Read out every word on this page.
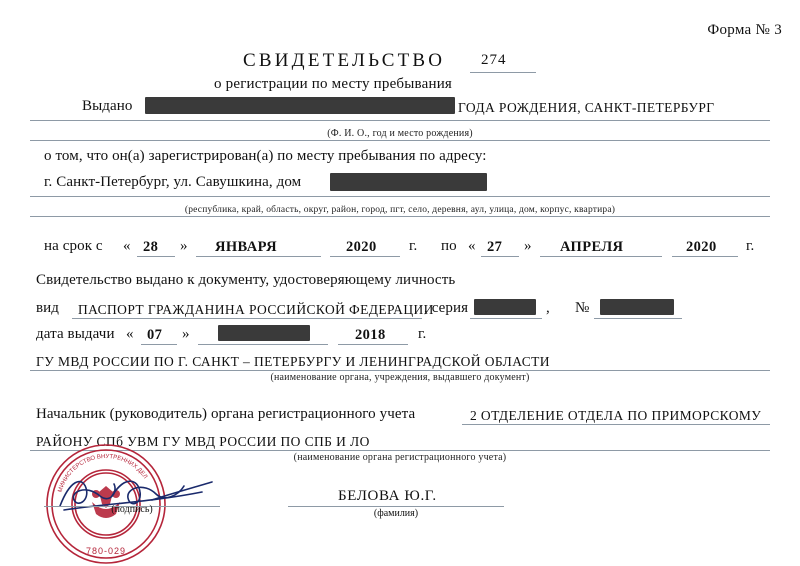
Форма № 3
СВИДЕТЕЛЬСТВО 274
о регистрации по месту пребывания
Выдано	ГОДА РОЖДЕНИЯ, САНКТ-ПЕТЕРБУРГ
(Ф. И. О., год и место рождения)
о том, что он(а) зарегистрирован(а) по месту пребывания по адресу:
г. Санкт-Петербург, ул. Савушкина, дом
(республика, край, область, округ, район, город, пгт, село, деревня, аул, улица, дом, корпус, квартира)
на срок с « 28 » ЯНВАРЯ	2020 г. по « 27 » АПРЕЛЯ	2020 г.
Свидетельство выдано к документу, удостоверяющему личность
вид ПАСПОРТ ГРАЖДАНИНА РОССИЙСКОЙ ФЕДЕРАЦИИ
, серия	, №
дата выдачи « 07 »	2018 г.
ГУ МВД РОССИИ ПО Г. САНКТ – ПЕТЕРБУРГУ И ЛЕНИНГРАДСКОЙ ОБЛАСТИ
(наименование органа, учреждения, выдавшего документ)
Начальник (руководитель) органа регистрационного учета	2 ОТДЕЛЕНИЕ ОТДЕЛА ПО ПРИМОРСКОМУ
РАЙОНУ СПб УВМ ГУ МВД РОССИИ ПО СПБ И ЛО
(наименование органа регистрационного учета)
МИНИСТЕРСТВО ВНУТРЕННИХ ДЕЛ
780-029
(подпись)
БЕЛОВА Ю.Г.
(фамилия)
